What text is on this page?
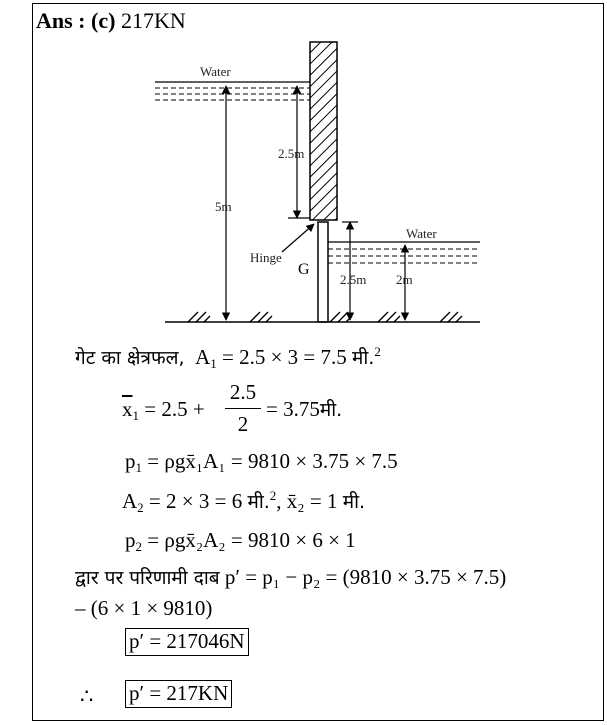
Ans : (c) 217KN
Water
2.5m
5m
Hinge
G
Water
2.5m 2m
गेट का क्षेत्रफल, $A_1 = 2.5 \times 3 = 7.5$ मी.$^2$
$\overline{x}_1 = 2.5 + \frac{2.5}{2}$ = 3.75मी.
$p_1$ = ρgx̄₁A₁ = 9810 × 3.75 × 7.5
$A_2 = 2 \times 3 = 6$ मी.$^2$, x̄₂ = 1 मी.
$p_2$ = ρgx̄₂A₂ = 9810 × 6 × 1
द्वार पर परिणामी दाब p′ = p₁ − p₂ = (9810 × 3.75 × 7.5)
– (6 × 1 × 9810)
p′ = 217046N
∴ p′ = 217KN
